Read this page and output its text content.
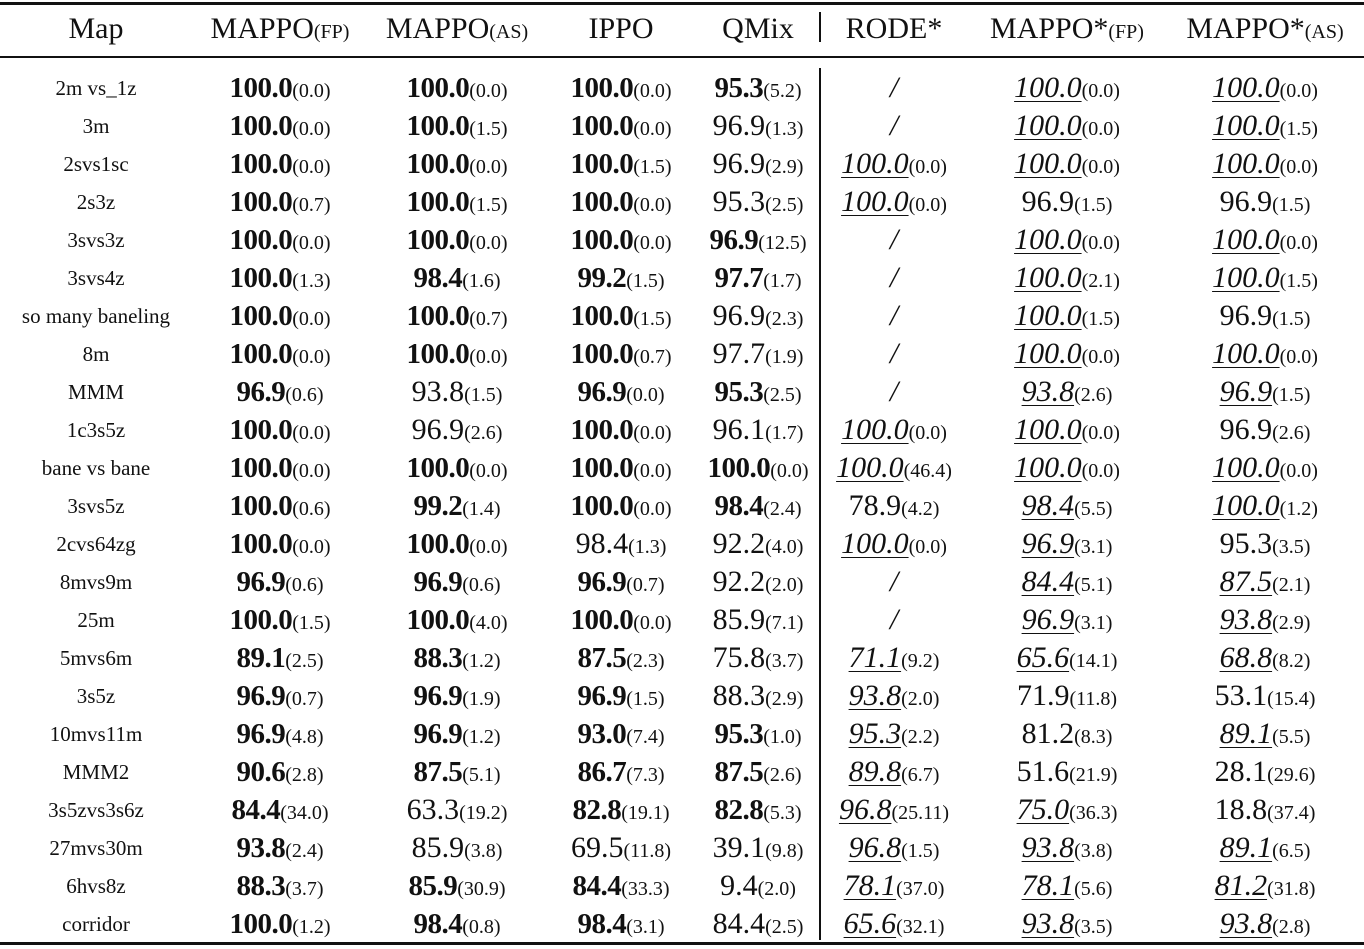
Map	MAPPO(FP)	MAPPO(AS)	IPPO	QMix	RODE*	MAPPO*(FP)	MAPPO*(AS)
2m vs_1z	100.0(0.0)	100.0(0.0)	100.0(0.0)	95.3(5.2)	/	100.0(0.0)	100.0(0.0)
3m	100.0(0.0)	100.0(1.5)	100.0(0.0)	96.9(1.3)	/	100.0(0.0)	100.0(1.5)
2svs1sc	100.0(0.0)	100.0(0.0)	100.0(1.5)	96.9(2.9)	100.0(0.0)	100.0(0.0)	100.0(0.0)
2s3z	100.0(0.7)	100.0(1.5)	100.0(0.0)	95.3(2.5)	100.0(0.0)	96.9(1.5)	96.9(1.5)
3svs3z	100.0(0.0)	100.0(0.0)	100.0(0.0)	96.9(12.5)	/	100.0(0.0)	100.0(0.0)
3svs4z	100.0(1.3)	98.4(1.6)	99.2(1.5)	97.7(1.7)	/	100.0(2.1)	100.0(1.5)
so many baneling	100.0(0.0)	100.0(0.7)	100.0(1.5)	96.9(2.3)	/	100.0(1.5)	96.9(1.5)
8m	100.0(0.0)	100.0(0.0)	100.0(0.7)	97.7(1.9)	/	100.0(0.0)	100.0(0.0)
MMM	96.9(0.6)	93.8(1.5)	96.9(0.0)	95.3(2.5)	/	93.8(2.6)	96.9(1.5)
1c3s5z	100.0(0.0)	96.9(2.6)	100.0(0.0)	96.1(1.7)	100.0(0.0)	100.0(0.0)	96.9(2.6)
bane vs bane	100.0(0.0)	100.0(0.0)	100.0(0.0)	100.0(0.0)	100.0(46.4)	100.0(0.0)	100.0(0.0)
3svs5z	100.0(0.6)	99.2(1.4)	100.0(0.0)	98.4(2.4)	78.9(4.2)	98.4(5.5)	100.0(1.2)
2cvs64zg	100.0(0.0)	100.0(0.0)	98.4(1.3)	92.2(4.0)	100.0(0.0)	96.9(3.1)	95.3(3.5)
8mvs9m	96.9(0.6)	96.9(0.6)	96.9(0.7)	92.2(2.0)	/	84.4(5.1)	87.5(2.1)
25m	100.0(1.5)	100.0(4.0)	100.0(0.0)	85.9(7.1)	/	96.9(3.1)	93.8(2.9)
5mvs6m	89.1(2.5)	88.3(1.2)	87.5(2.3)	75.8(3.7)	71.1(9.2)	65.6(14.1)	68.8(8.2)
3s5z	96.9(0.7)	96.9(1.9)	96.9(1.5)	88.3(2.9)	93.8(2.0)	71.9(11.8)	53.1(15.4)
10mvs11m	96.9(4.8)	96.9(1.2)	93.0(7.4)	95.3(1.0)	95.3(2.2)	81.2(8.3)	89.1(5.5)
MMM2	90.6(2.8)	87.5(5.1)	86.7(7.3)	87.5(2.6)	89.8(6.7)	51.6(21.9)	28.1(29.6)
3s5zvs3s6z	84.4(34.0)	63.3(19.2)	82.8(19.1)	82.8(5.3)	96.8(25.11)	75.0(36.3)	18.8(37.4)
27mvs30m	93.8(2.4)	85.9(3.8)	69.5(11.8)	39.1(9.8)	96.8(1.5)	93.8(3.8)	89.1(6.5)
6hvs8z	88.3(3.7)	85.9(30.9)	84.4(33.3)	9.4(2.0)	78.1(37.0)	78.1(5.6)	81.2(31.8)
corridor	100.0(1.2)	98.4(0.8)	98.4(3.1)	84.4(2.5)	65.6(32.1)	93.8(3.5)	93.8(2.8)
